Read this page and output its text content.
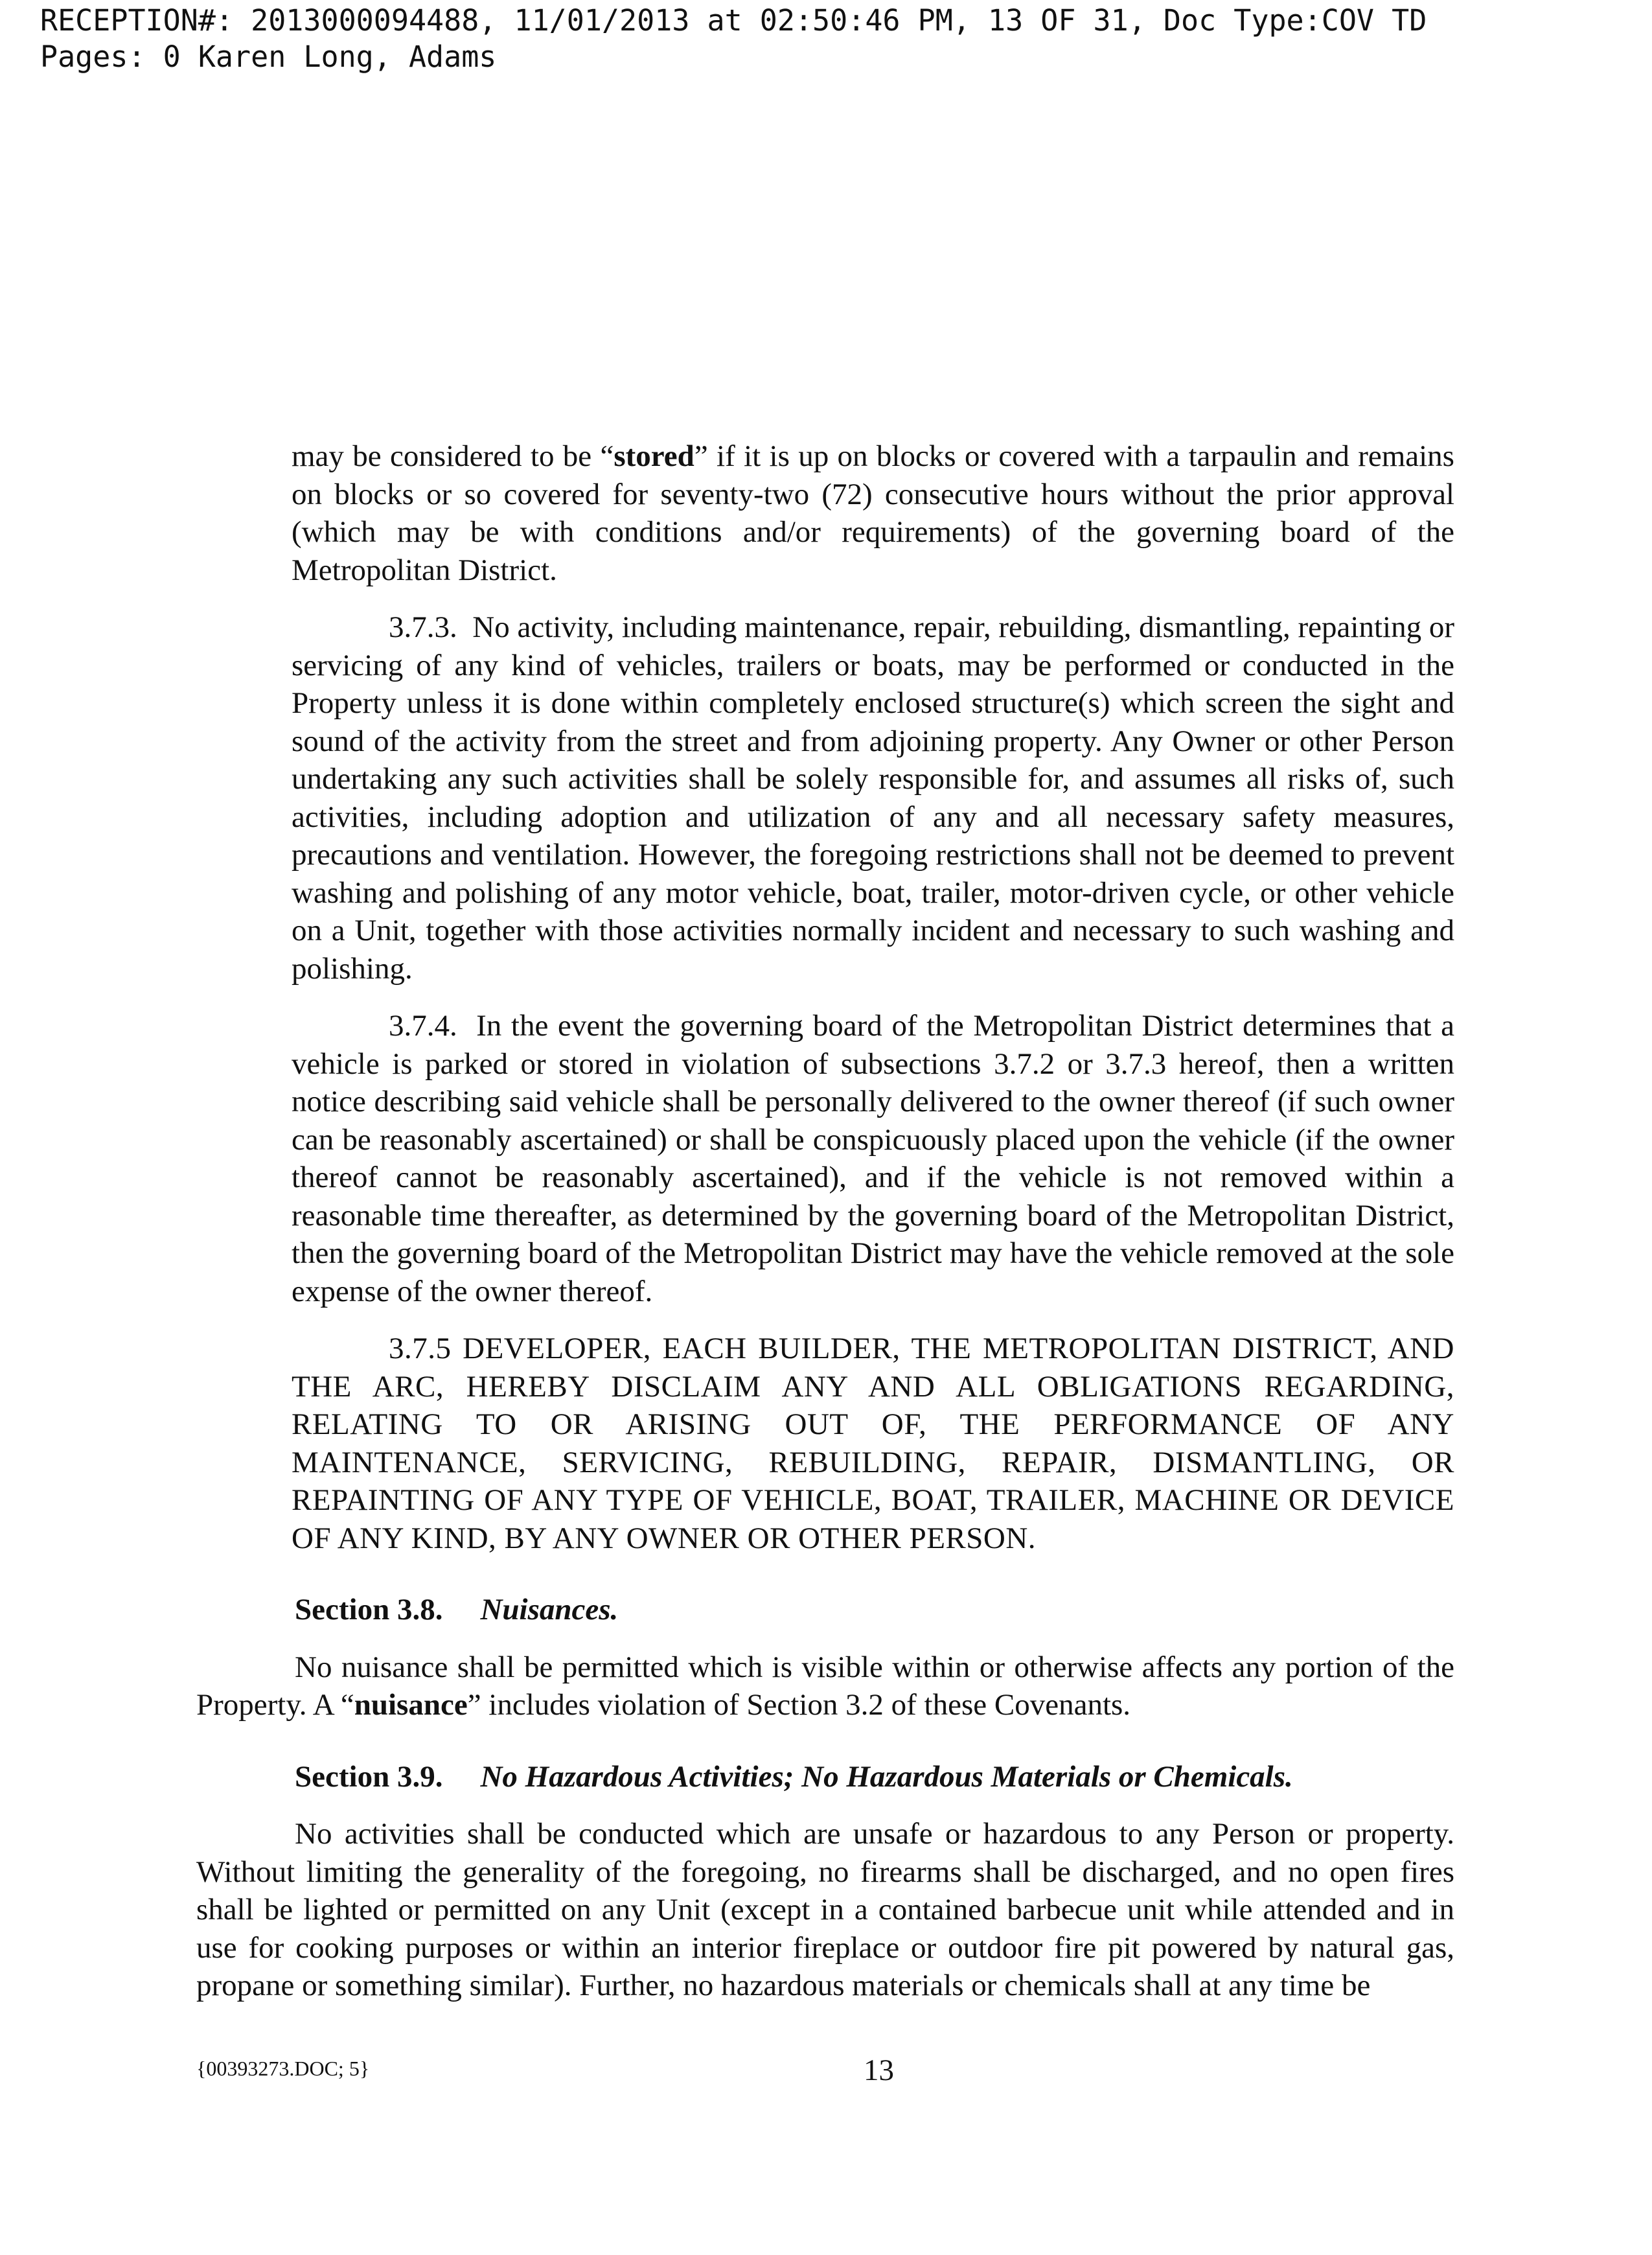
RECEPTION#: 2013000094488, 11/01/2013 at 02:50:46 PM, 13 OF 31, Doc Type:COV TD
Pages: 0 Karen Long, Adams

may be considered to be “stored” if it is up on blocks or covered with a tarpaulin and remains on blocks or so covered for seventy-two (72) consecutive hours without the prior approval (which may be with conditions and/or requirements) of the governing board of the Metropolitan District.

3.7.3.  No activity, including maintenance, repair, rebuilding, dismantling, repainting or servicing of any kind of vehicles, trailers or boats, may be performed or conducted in the Property unless it is done within completely enclosed structure(s) which screen the sight and sound of the activity from the street and from adjoining property. Any Owner or other Person undertaking any such activities shall be solely responsible for, and assumes all risks of, such activities, including adoption and utilization of any and all necessary safety measures, precautions and ventilation. However, the foregoing restrictions shall not be deemed to prevent washing and polishing of any motor vehicle, boat, trailer, motor-driven cycle, or other vehicle on a Unit, together with those activities normally incident and necessary to such washing and polishing.

3.7.4.  In the event the governing board of the Metropolitan District determines that a vehicle is parked or stored in violation of subsections 3.7.2 or 3.7.3 hereof, then a written notice describing said vehicle shall be personally delivered to the owner thereof (if such owner can be reasonably ascertained) or shall be conspicuously placed upon the vehicle (if the owner thereof cannot be reasonably ascertained), and if the vehicle is not removed within a reasonable time thereafter, as determined by the governing board of the Metropolitan District, then the governing board of the Metropolitan District may have the vehicle removed at the sole expense of the owner thereof.

3.7.5 DEVELOPER, EACH BUILDER, THE METROPOLITAN DISTRICT, AND THE ARC, HEREBY DISCLAIM ANY AND ALL OBLIGATIONS REGARDING, RELATING TO OR ARISING OUT OF, THE PERFORMANCE OF ANY MAINTENANCE, SERVICING, REBUILDING, REPAIR, DISMANTLING, OR REPAINTING OF ANY TYPE OF VEHICLE, BOAT, TRAILER, MACHINE OR DEVICE OF ANY KIND, BY ANY OWNER OR OTHER PERSON.

Section 3.8. Nuisances.

No nuisance shall be permitted which is visible within or otherwise affects any portion of the Property. A “nuisance” includes violation of Section 3.2 of these Covenants.

Section 3.9. No Hazardous Activities; No Hazardous Materials or Chemicals.

No activities shall be conducted which are unsafe or hazardous to any Person or property. Without limiting the generality of the foregoing, no firearms shall be discharged, and no open fires shall be lighted or permitted on any Unit (except in a contained barbecue unit while attended and in use for cooking purposes or within an interior fireplace or outdoor fire pit powered by natural gas, propane or something similar). Further, no hazardous materials or chemicals shall at any time be

{00393273.DOC; 5}	13
